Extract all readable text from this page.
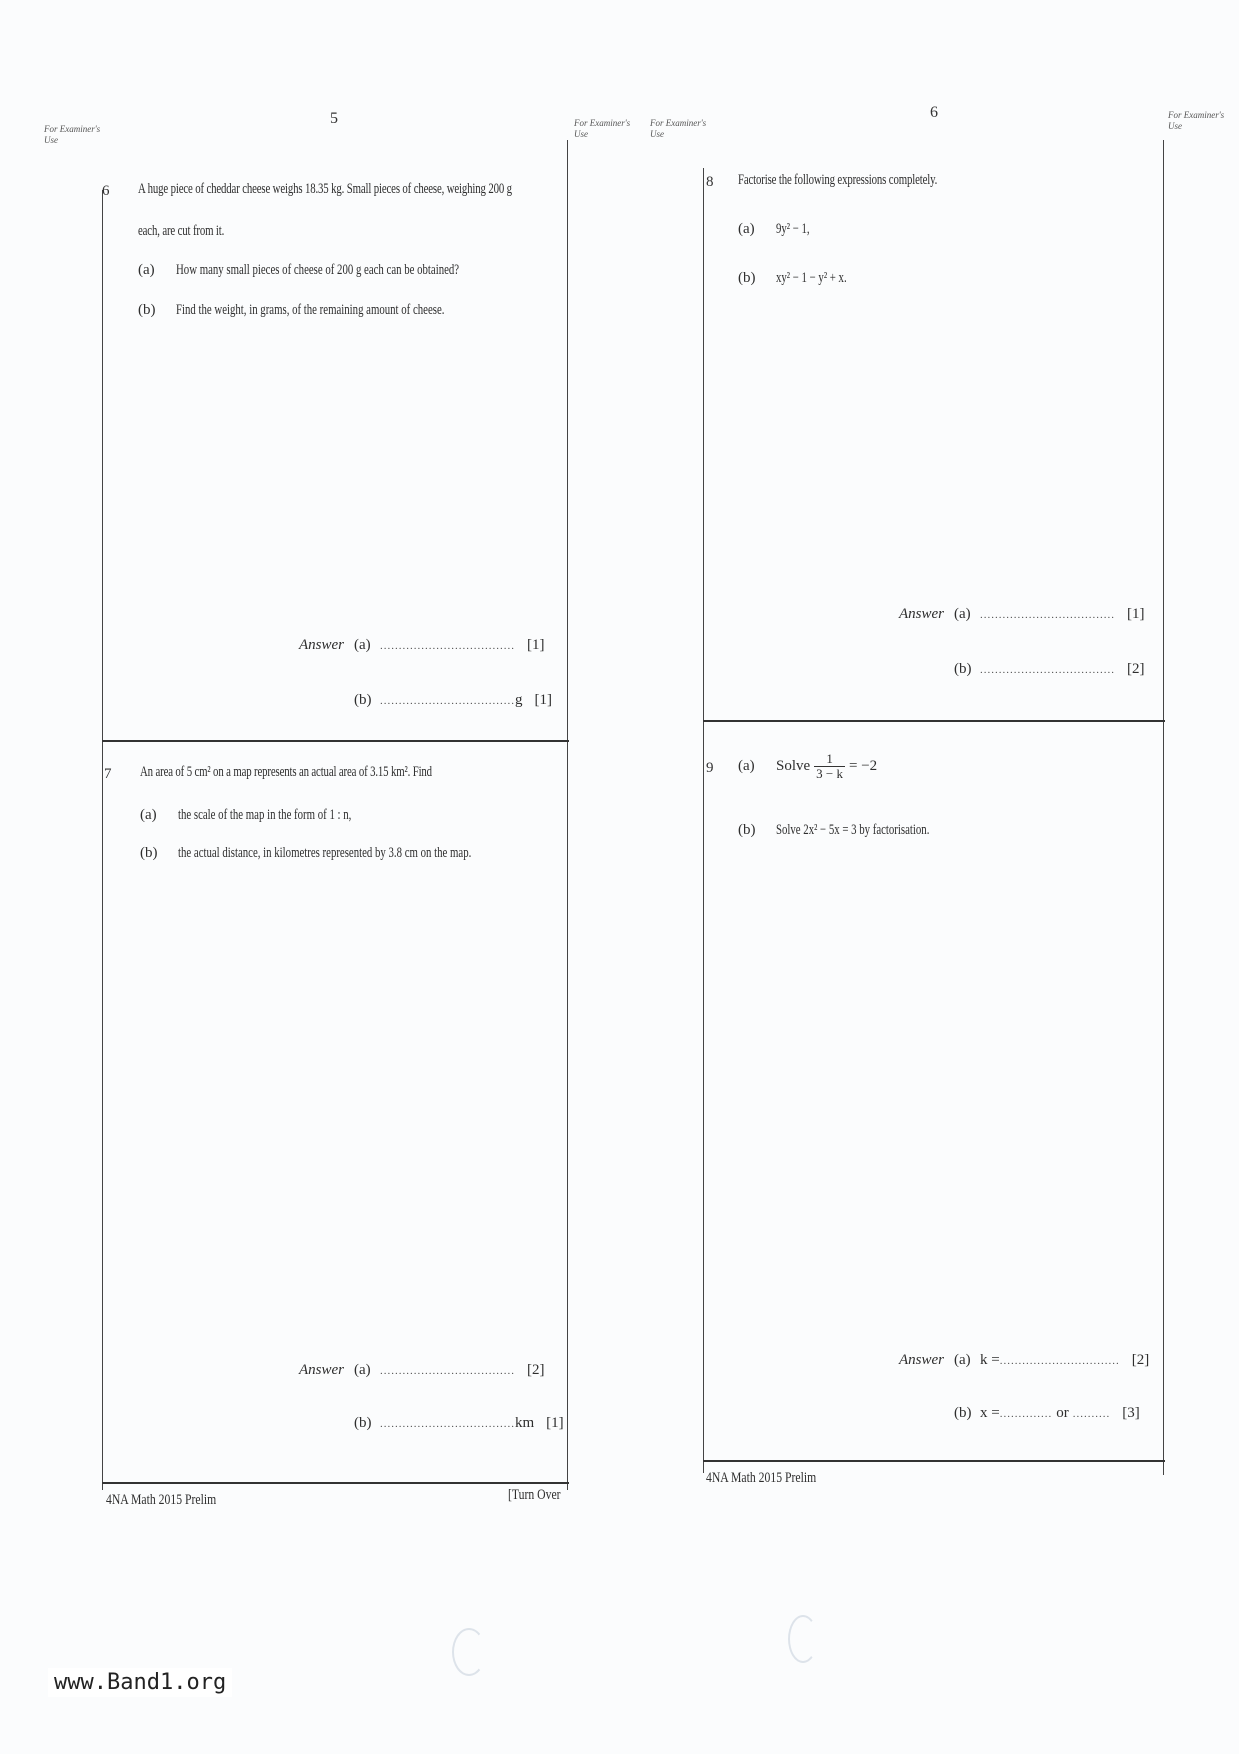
5
For Examiner's Use
For Examiner's Use
6 A huge piece of cheddar cheese weighs 18.35 kg. Small pieces of cheese, weighing 200 g
each, are cut from it.
(a) How many small pieces of cheese of 200 g each can be obtained?
(b) Find the weight, in grams, of the remaining amount of cheese.
Answer (a) .................................... [1]
(b) ....................................g [1]
7 An area of 5 cm² on a map represents an actual area of 3.15 km². Find
(a) the scale of the map in the form of 1 : n,
(b) the actual distance, in kilometres represented by 3.8 cm on the map.
Answer (a) .................................... [2]
(b) ....................................km [1]
4NA Math 2015 Prelim	[Turn Over
6
For Examiner's Use
For Examiner's Use
8 Factorise the following expressions completely.
(a) 9y² − 1,
(b) xy² − 1 − y² + x.
Answer (a) .................................... [1]
(b) .................................... [2]
9 (a) Solve $\frac{1}{3 - k} = -2$
(b) Solve 2x² − 5x = 3 by factorisation.
Answer (a) k =................................ [2]
(b) x =.............. or .......... [3]
4NA Math 2015 Prelim
www.Band1.org
